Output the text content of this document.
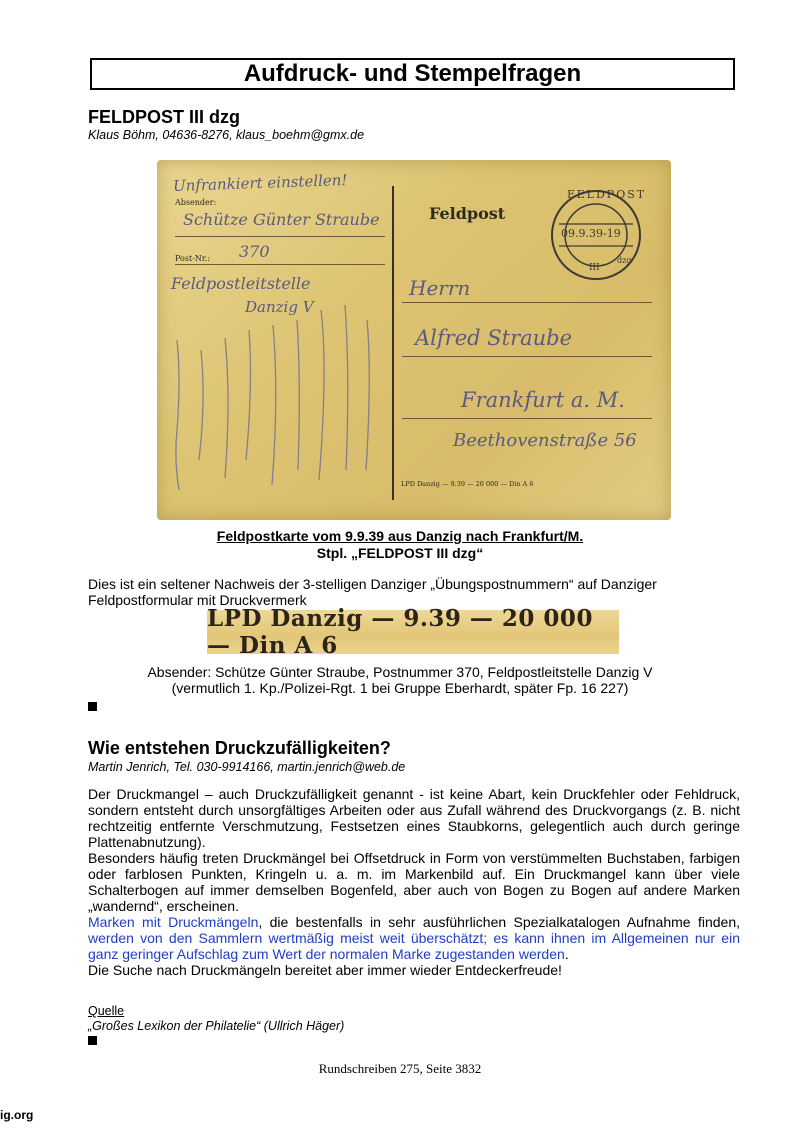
Aufdruck- und Stempelfragen
FELDPOST III dzg
Klaus Böhm, 04636-8276, klaus_boehm@gmx.de
Unfrankiert einstellen!
Absender:
Schütze Günter Straube
Post-Nr.: 370
Feldpostleitstelle
Danzig V
Feldpost
FELDPOST
09.9.39-19
III
dzg
Herrn
Alfred Straube
Frankfurt a. M.
Beethovenstraße 56
LPD Danzig — 9.39 — 20 000 — Din A 6
Feldpostkarte vom 9.9.39 aus Danzig nach Frankfurt/M.
Stpl. „FELDPOST III dzg“
Dies ist ein seltener Nachweis der 3-stelligen Danziger „Übungspostnummern“ auf Danziger
Feldpostformular mit Druckvermerk
LPD Danzig — 9.39 — 20 000 — Din A 6
Absender: Schütze Günter Straube, Postnummer 370, Feldpostleitstelle Danzig V
(vermutlich 1. Kp./Polizei-Rgt. 1 bei Gruppe Eberhardt, später Fp. 16 227)
Wie entstehen Druckzufälligkeiten?
Martin Jenrich, Tel. 030-9914166, martin.jenrich@web.de
Der Druckmangel – auch Druckzufälligkeit genannt - ist keine Abart, kein Druckfehler oder Fehldruck, sondern entsteht durch unsorgfältiges Arbeiten oder aus Zufall während des Druckvorgangs (z. B. nicht rechtzeitig entfernte Verschmutzung, Festsetzen eines Staubkorns, gelegentlich auch durch geringe Plattenabnutzung).
Besonders häufig treten Druckmängel bei Offsetdruck in Form von verstümmelten Buchstaben, farbigen oder farblosen Punkten, Kringeln u. a. m. im Markenbild auf. Ein Druckmangel kann über viele Schalterbogen auf immer demselben Bogenfeld, aber auch von Bogen zu Bogen auf andere Marken „wandernd“, erscheinen.
Marken mit Druckmängeln, die bestenfalls in sehr ausführlichen Spezialkatalogen Aufnahme finden, werden von den Sammlern wertmäßig meist weit überschätzt; es kann ihnen im Allgemeinen nur ein ganz geringer Aufschlag zum Wert der normalen Marke zugestanden werden.
Die Suche nach Druckmängeln bereitet aber immer wieder Entdeckerfreude!
Quelle
„Großes Lexikon der Philatelie“ (Ullrich Häger)
Rundschreiben 275, Seite 3832
ig.org
